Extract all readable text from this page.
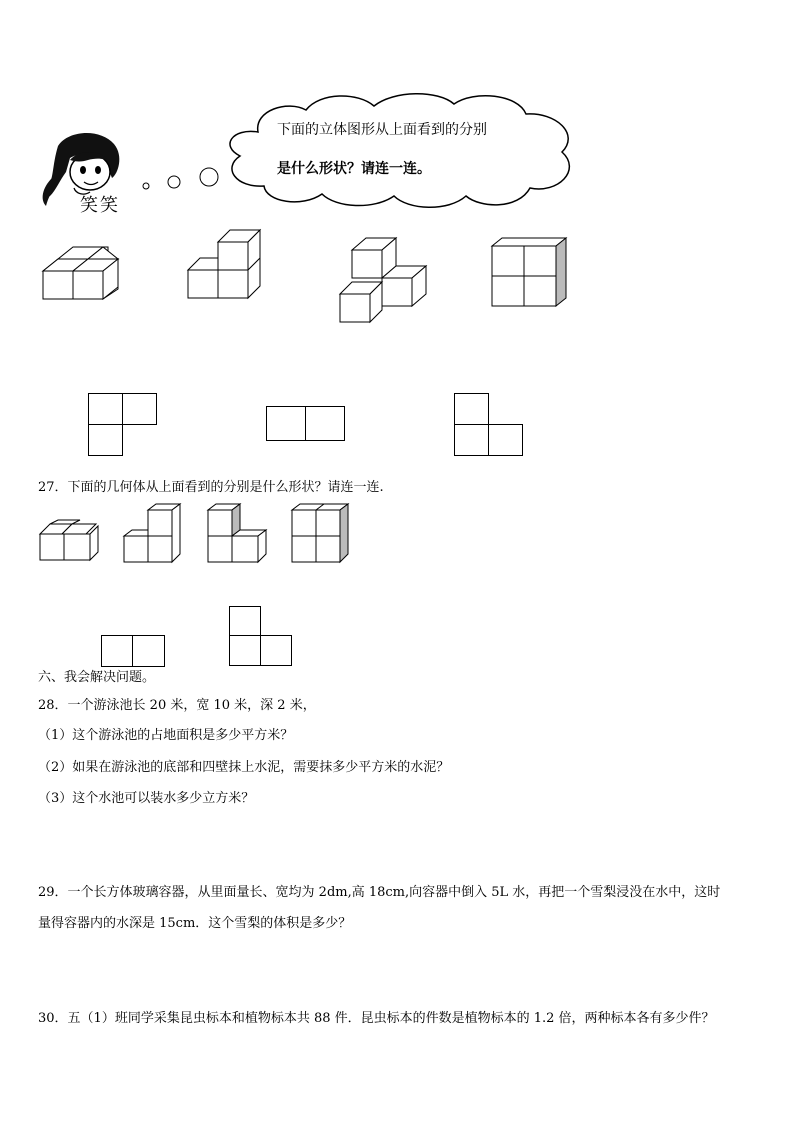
笑笑
下面的立体图形从上面看到的分别
是什么形状？请连一连。
27．下面的几何体从上面看到的分别是什么形状？请连一连.
六、我会解决问题。
28．一个游泳池长 20 米，宽 10 米，深 2 米，
（1）这个游泳池的占地面积是多少平方米？
（2）如果在游泳池的底部和四壁抹上水泥，需要抹多少平方米的水泥？
（3）这个水池可以装水多少立方米？
29．一个长方体玻璃容器，从里面量长、宽均为 2dm,高 18cm,向容器中倒入 5L 水，再把一个雪梨浸没在水中，这时
量得容器内的水深是 15cm．这个雪梨的体积是多少？
30．五（1）班同学采集昆虫标本和植物标本共 88 件．昆虫标本的件数是植物标本的 1.2 倍，两种标本各有多少件？
